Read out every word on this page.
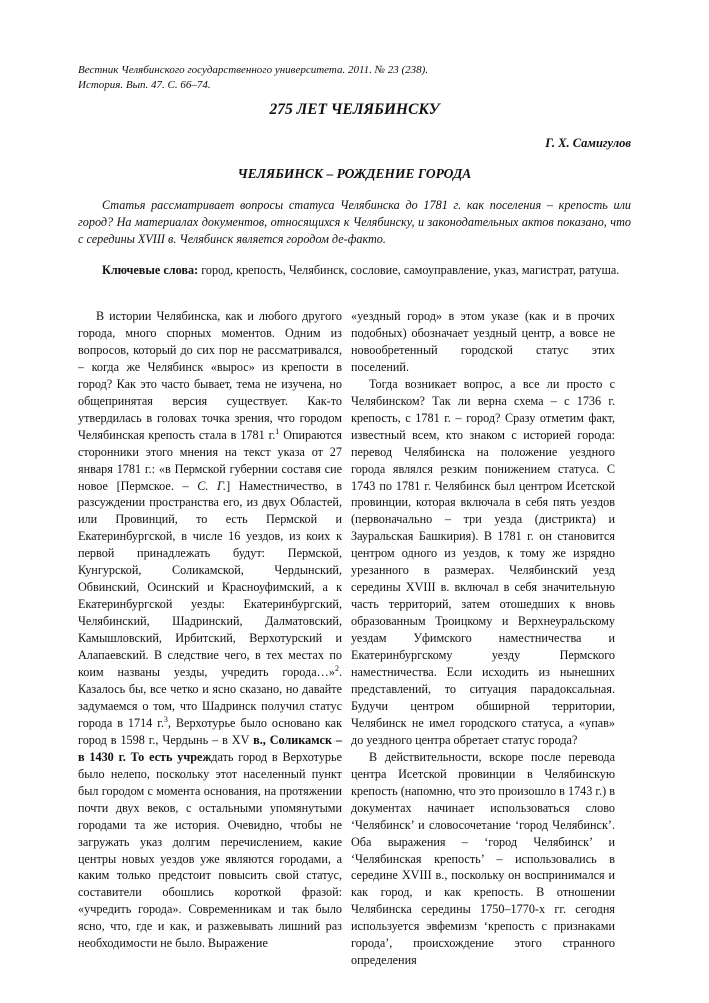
Вестник Челябинского государственного университета. 2011. № 23 (238).
История. Вып. 47. С. 66–74.
275 ЛЕТ ЧЕЛЯБИНСКУ
Г. Х. Самигулов
ЧЕЛЯБИНСК – РОЖДЕНИЕ ГОРОДА

Статья рассматривает вопросы статуса Челябинска до 1781 г. как поселения – крепость или город? На материалах документов, относящихся к Челябинску, и законодательных актов показано, что с середины XVIII в. Челябинск является городом де-факто.

Ключевые слова: город, крепость, Челябинск, сословие, самоуправление, указ, магистрат, ратуша.

В истории Челябинска, как и любого другого города, много спорных моментов. Одним из вопросов, который до сих пор не рассматривался, – когда же Челябинск «вырос» из крепости в город? Как это часто бывает, тема не изучена, но общепринятая версия существует. Как-то утвердилась в головах точка зрения, что городом Челябинская крепость стала в 1781 г.$^1$ Опираются сторонники этого мнения на текст указа от 27 января 1781 г.: «в Пермской губернии составя сие новое [Пермское. – С. Г.] Наместничество, в разсуждении пространства его, из двух Областей, или Провинций, то есть Пермской и Екатеринбургской, в числе 16 уездов, из коих к первой принадлежать будут: Пермской, Кунгурской, Соликамской, Чердынский, Обвинский, Осинский и Красноуфимский, а к Екатеринбургской уезды: Екатеринбургский, Челябинский, Шадринский, Далматовский, Камышловский, Ирбитский, Верхотурский и Алапаевский. В следствие чего, в тех местах по коим названы уезды, учредить города…»$^2$. Казалось бы, все четко и ясно сказано, но давайте задумаемся о том, что Шадринск получил статус города в 1714 г.$^3$, Верхотурье было основано как город в 1598 г., Чердынь – в XV в., Соликамск – в 1430 г. То есть учреждать город в Верхотурье было нелепо, поскольку этот населенный пункт был городом с момента основания, на протяжении почти двух веков, с остальными упомянутыми городами та же история. Очевидно, чтобы не загружать указ долгим перечислением, какие центры новых уездов уже являются городами, а каким только предстоит повысить свой статус, составители обошлись короткой фразой: «учредить города». Современникам и так было ясно, что, где и как, и разжевывать лишний раз необходимости не было. Выражение

«уездный город» в этом указе (как и в прочих подобных) обозначает уездный центр, а вовсе не новообретенный городской статус этих поселений.

Тогда возникает вопрос, а все ли просто с Челябинском? Так ли верна схема – с 1736 г. крепость, с 1781 г. – город? Сразу отметим факт, известный всем, кто знаком с историей города: перевод Челябинска на положение уездного города являлся резким понижением статуса. С 1743 по 1781 г. Челябинск был центром Исетской провинции, которая включала в себя пять уездов (первоначально – три уезда (дистрикта) и Зауральская Башкирия). В 1781 г. он становится центром одного из уездов, к тому же изрядно урезанного в размерах. Челябинский уезд середины XVIII в. включал в себя значительную часть территорий, затем отошедших к вновь образованным Троицкому и Верхнеуральскому уездам Уфимского наместничества и Екатеринбургскому уезду Пермского наместничества. Если исходить из нынешних представлений, то ситуация парадоксальная. Будучи центром обширной территории, Челябинск не имел городского статуса, а «упав» до уездного центра обретает статус города?

В действительности, вскоре после перевода центра Исетской провинции в Челябинскую крепость (напомню, что это произошло в 1743 г.) в документах начинает использоваться слово ‘Челябинск’ и словосочетание ‘город Челябинск’. Оба выражения – ‘город Челябинск’ и ‘Челябинская крепость’ – использовались в середине XVIII в., поскольку он воспринимался и как город, и как крепость. В отношении Челябинска середины 1750–1770-х гг. сегодня используется эвфемизм ‘крепость с признаками города’, происхождение этого странного определения
